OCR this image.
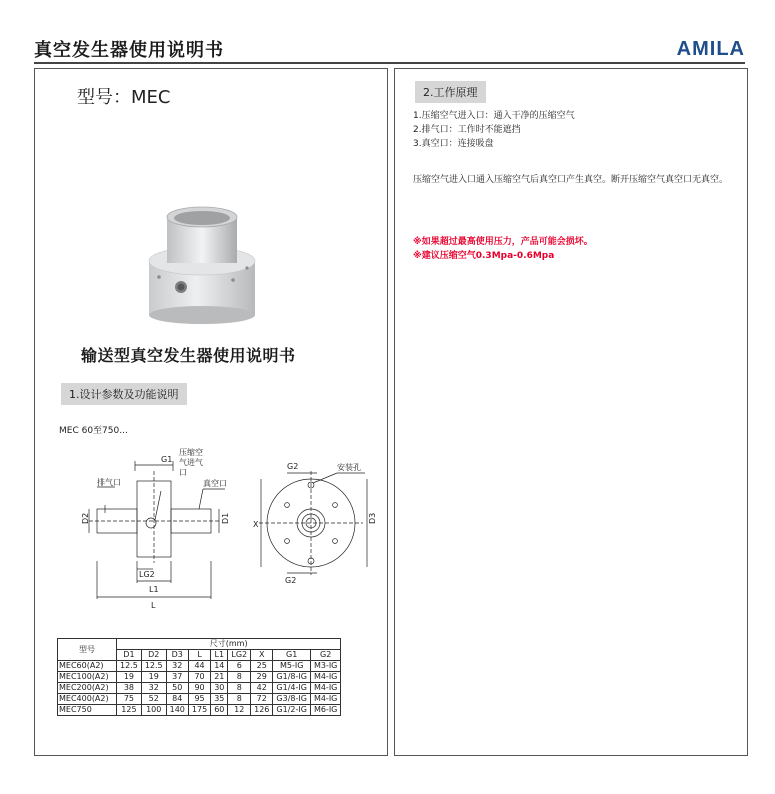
真空发生器使用说明书	AMILA
型号：MEC
输送型真空发生器使用说明书
1.设计参数及功能说明
MEC 60至750...
G1
压缩空
气进气
口
真空口
排气口
D2	D1
LG2
L1
L
G2
G2
安装孔
X
D3
型号	尺寸(mm)								
	D1	D2	D3	L	L1	LG2	X	G1	G2
MEC60(A2)	12.5	12.5	32	44	14	6	25	M5-IG	M3-IG
MEC100(A2)	19	19	37	70	21	8	29	G1/8-IG	M4-IG
MEC200(A2)	38	32	50	90	30	8	42	G1/4-IG	M4-IG
MEC400(A2)	75	52	84	95	35	8	72	G3/8-IG	M4-IG
MEC750	125	100	140	175	60	12	126	G1/2-IG	M6-IG
2.工作原理
1.压缩空气进入口：通入干净的压缩空气
2.排气口：工作时不能遮挡
3.真空口：连接吸盘
压缩空气进入口通入压缩空气后真空口产生真空。断开压缩空气真空口无真空。
※如果超过最高使用压力，产品可能会损坏。
※建议压缩空气0.3Mpa-0.6Mpa
